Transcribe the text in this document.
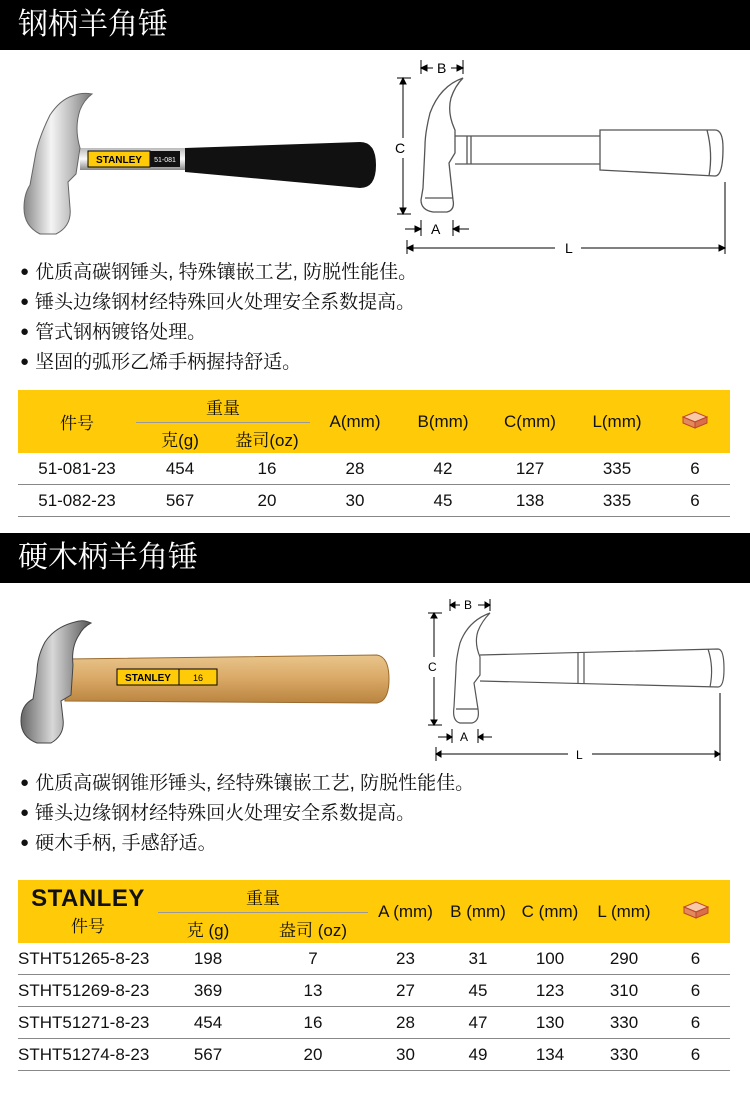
钢柄羊角锤
STANLEY 51-081
B
C
A
L
● 优质高碳钢锤头, 特殊镶嵌工艺, 防脱性能佳。
● 锤头边缘钢材经特殊回火处理安全系数提高。
● 管式钢柄镀铬处理。
● 坚固的弧形乙烯手柄握持舒适。
件号	重量		A(mm)	B(mm)	C(mm)	L(mm)	
	克(g)	盎司(oz)					
51-081-23	454	16	28	42	127	335	6
51-082-23	567	20	30	45	138	335	6
硬木柄羊角锤
STANLEY 16
B
C
A
L
● 优质高碳钢锥形锤头, 经特殊镶嵌工艺, 防脱性能佳。
● 锤头边缘钢材经特殊回火处理安全系数提高。
● 硬木手柄, 手感舒适。
STANLEY
件号	重量		A (mm)	B (mm)	C (mm)	L (mm)	
	克 (g)	盎司 (oz)					
STHT51265-8-23	198	7	23	31	100	290	6
STHT51269-8-23	369	13	27	45	123	310	6
STHT51271-8-23	454	16	28	47	130	330	6
STHT51274-8-23	567	20	30	49	134	330	6
